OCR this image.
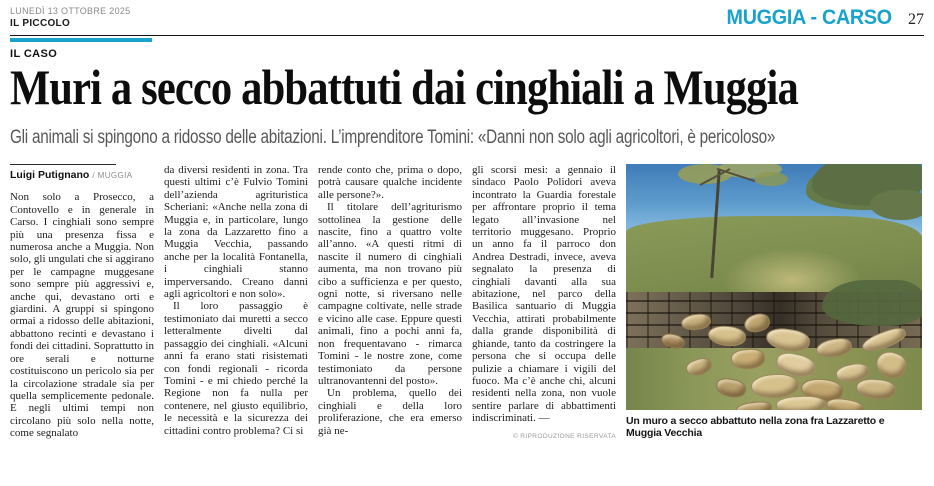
LUNEDÌ 13 OTTOBRE 2025
IL PICCOLO	MUGGIA - CARSO 27
IL CASO
Muri a secco abbattuti dai cinghiali a Muggia
Gli animali si spingono a ridosso delle abitazioni. L’imprenditore Tomini: «Danni non solo agli agricoltori, è pericoloso»
Luigi Putignano / MUGGIA

Non solo a Prosecco, a Contovello e in generale in Carso. I cinghiali sono sempre più una presenza fissa e numerosa anche a Muggia. Non solo, gli ungulati che si aggirano per le campagne muggesane sono sempre più aggressivi e, anche qui, devastano orti e giardini. A gruppi si spingono ormai a ridosso delle abitazioni, abbattono recinti e devastano i fondi dei cittadini. Soprattutto in ore serali e notturne costituiscono un pericolo sia per la circolazione stradale sia per quella semplicemente pedonale. E negli ultimi tempi non circolano più solo nella notte, come segnalato

da diversi residenti in zona. Tra questi ultimi c’è Fulvio Tomini dell’azienda agrituristica Scheriani: «Anche nella zona di Muggia e, in particolare, lungo la zona da Lazzaretto fino a Muggia Vecchia, passando anche per la località Fontanella, i cinghiali stanno imperversando. Creano danni agli agricoltori e non solo».

Il loro passaggio è testimoniato dai muretti a secco letteralmente divelti dal passaggio dei cinghiali. «Alcuni anni fa erano stati risistemati con fondi regionali - ricorda Tomini - e mi chiedo perché la Regione non fa nulla per contenere, nel giusto equilibrio, le necessità e la sicurezza dei cittadini contro problema? Ci si

rende conto che, prima o dopo, potrà causare qualche incidente alle persone?».

Il titolare dell’agriturismo sottolinea la gestione delle nascite, fino a quattro volte all’anno. «A questi ritmi di nascite il numero di cinghiali aumenta, ma non trovano più cibo a sufficienza e per questo, ogni notte, si riversano nelle campagne coltivate, nelle strade e vicino alle case. Eppure questi animali, fino a pochi anni fa, non frequentavano - rimarca Tomini - le nostre zone, come testimoniato da persone ultranovantenni del posto».

Un problema, quello dei cinghiali e della loro proliferazione, che era emerso già ne-

gli scorsi mesi: a gennaio il sindaco Paolo Polidori aveva incontrato la Guardia forestale per affrontare proprio il tema legato all’invasione nel territorio muggesano. Proprio un anno fa il parroco don Andrea Destradi, invece, aveva segnalato la presenza di cinghiali davanti alla sua abitazione, nel parco della Basilica santuario di Muggia Vecchia, attirati probabilmente dalla grande disponibilità di ghiande, tanto da costringere la persona che si occupa delle pulizie a chiamare i vigili del fuoco. Ma c’è anche chi, alcuni residenti nella zona, non vuole sentire parlare di abbattimenti indiscriminati. —

© RIPRODUZIONE RISERVATA

Un muro a secco abbattuto nella zona fra Lazzaretto e Muggia Vecchia
